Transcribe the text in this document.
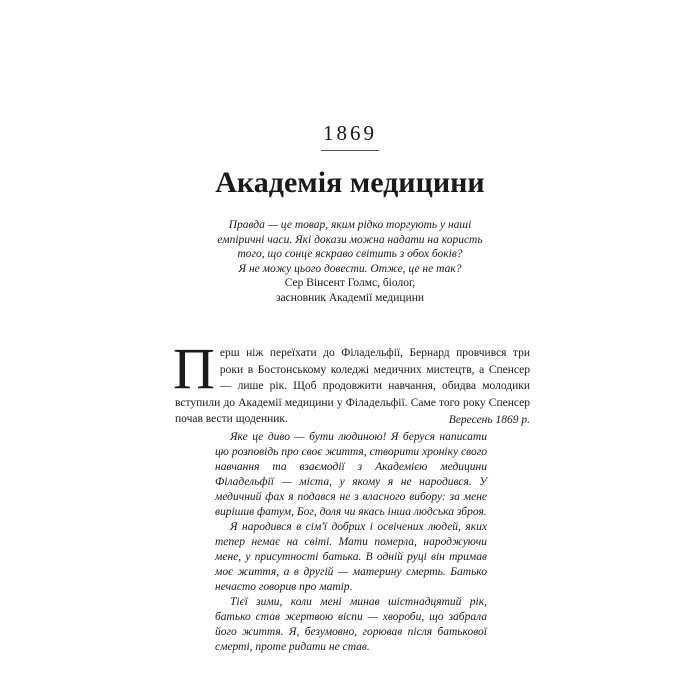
1869
Академія медицини
Правда — це товар, яким рідко торгують у наші
емпіричні часи. Які докази можна надати на користь
того, що сонце яскраво світить з обох боків?
Я не можу цього довести. Отже, це не так?
Сер Вінсент Голмс, біолог,
засновник Академії медицини
Перш ніж переїхати до Філадельфії, Бернард провчився три роки в Бостонському коледжі медичних мистецтв, а Спенсер — лише рік. Щоб продовжити навчання, обидва молодики вступили до Академії медицини у Філадельфії. Саме того року Спенсер почав вести щоденник.	Вересень 1869 р.

Яке це диво — бути людиною! Я беруся написати цю розповідь про своє життя, створити хроніку свого навчання та взаємодії з Академією медицини Філадельфії — міста, у якому я не народився. У медичний фах я подався не з власного вибору: за мене вирішив фатум, Бог, доля чи якась інша людська зброя.

Я народився в сім'ї добрих і освічених людей, яких тепер немає на світі. Мати померла, народжуючи мене, у присутності батька. В одній руці він тримав моє життя, а в другій — материну смерть. Батько нечасто говорив про матір.

Тієї зими, коли мені минав шістнадцятий рік, батько став жертвою віспи — хвороби, що забрала його життя. Я, безумовно, горював після батькової смерті, проте ридати не став.
